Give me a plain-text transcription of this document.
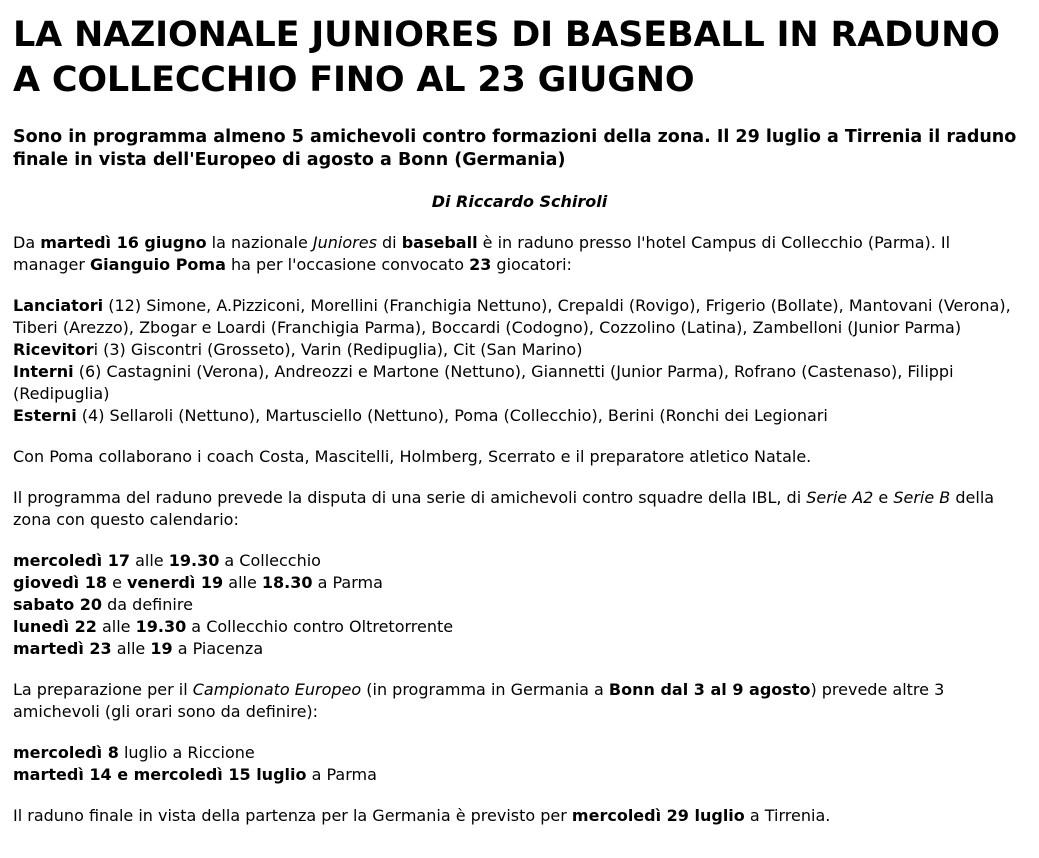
LA NAZIONALE JUNIORES DI BASEBALL IN RADUNO A COLLECCHIO FINO AL 23 GIUGNO
Sono in programma almeno 5 amichevoli contro formazioni della zona. Il 29 luglio a Tirrenia il raduno finale in vista dell'Europeo di agosto a Bonn (Germania)
Di Riccardo Schiroli

Da martedì 16 giugno la nazionale Juniores di baseball è in raduno presso l'hotel Campus di Collecchio (Parma). Il manager Gianguio Poma ha per l'occasione convocato 23 giocatori:

Lanciatori (12) Simone, A.Pizziconi, Morellini (Franchigia Nettuno), Crepaldi (Rovigo), Frigerio (Bollate), Mantovani (Verona), Tiberi (Arezzo), Zbogar e Loardi (Franchigia Parma), Boccardi (Codogno), Cozzolino (Latina), Zambelloni (Junior Parma)

Ricevitori (3) Giscontri (Grosseto), Varin (Redipuglia), Cit (San Marino)

Interni (6) Castagnini (Verona), Andreozzi e Martone (Nettuno), Giannetti (Junior Parma), Rofrano (Castenaso), Filippi (Redipuglia)

Esterni (4) Sellaroli (Nettuno), Martusciello (Nettuno), Poma (Collecchio), Berini (Ronchi dei Legionari

Con Poma collaborano i coach Costa, Mascitelli, Holmberg, Scerrato e il preparatore atletico Natale.

Il programma del raduno prevede la disputa di una serie di amichevoli contro squadre della IBL, di Serie A2 e Serie B della zona con questo calendario:

mercoledì 17 alle 19.30 a Collecchio

giovedì 18 e venerdì 19 alle 18.30 a Parma

sabato 20 da definire

lunedì 22 alle 19.30 a Collecchio contro Oltretorrente

martedì 23 alle 19 a Piacenza

La preparazione per il Campionato Europeo (in programma in Germania a Bonn dal 3 al 9 agosto) prevede altre 3 amichevoli (gli orari sono da definire):

mercoledì 8 luglio a Riccione

martedì 14 e mercoledì 15 luglio a Parma

Il raduno finale in vista della partenza per la Germania è previsto per mercoledì 29 luglio a Tirrenia.
